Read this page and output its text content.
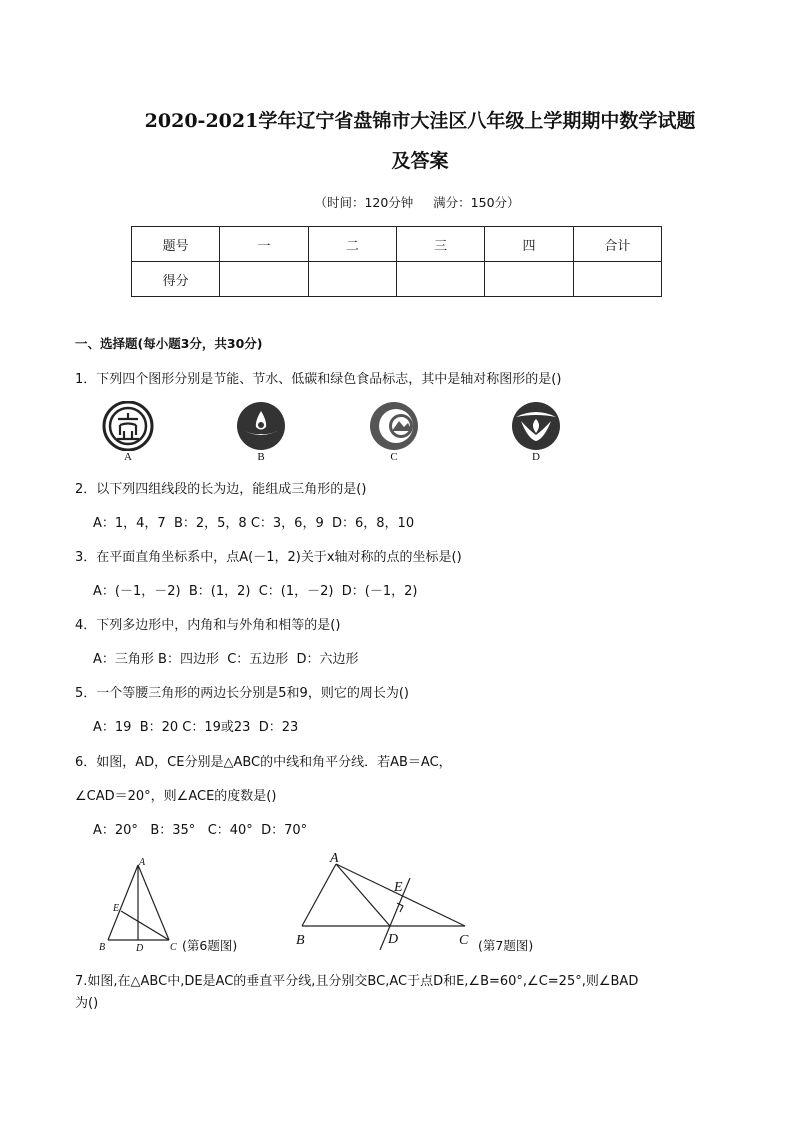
2020-2021学年辽宁省盘锦市大洼区八年级上学期期中数学试题
及答案
（时间：120分钟     满分：150分）
题号	一	二	三	四	合计
得分					
一、选择题(每小题3分，共30分)
1．下列四个图形分别是节能、节水、低碳和绿色食品标志，其中是轴对称图形的是()
A	B	C	D
2．以下列四组线段的长为边，能组成三角形的是()
A：1，4，7  B：2，5，8 C：3，6，9  D：6，8，10
3．在平面直角坐标系中，点A(－1，2)关于x轴对称的点的坐标是()
A：(－1，－2)  B：(1，2)  C：(1，－2)  D：(－1，2)
4．下列多边形中，内角和与外角和相等的是()
A：三角形 B：四边形  C：五边形  D：六边形
5．一个等腰三角形的两边长分别是5和9，则它的周长为()
A：19  B：20 C：19或23  D：23
6．如图，AD，CE分别是△ABC的中线和角平分线．若AB＝AC，
∠CAD＝20°，则∠ACE的度数是()
A：20°   B：35°   C：40°  D：70°
A
E
B	D	C (第6题图)
A
E
B	D	C (第7题图)
7.如图,在△ABC中,DE是AC的垂直平分线,且分别交BC,AC于点D和E,∠B=60°,∠C=25°,则∠BAD
为()
